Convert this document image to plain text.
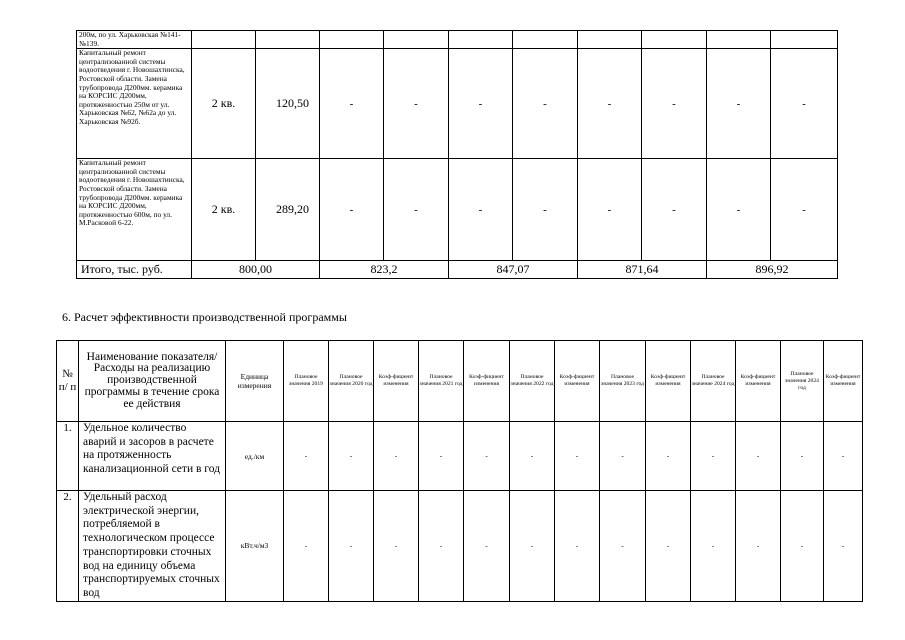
200м, по ул. Харьковская №141-№139.										
Капитальный ремонт централизованной системы водоотведения г. Новошахтинска, Ростовской области. Замена трубопровода Д200мм. керамика на КОРСИС Д200мм, протяженностью 250м от ул. Харьковская №62, №62а до ул. Харьковская №92б.	2 кв.	120,50	-	-	-	-	-	-	-	-
Капитальный ремонт централизованной системы водоотведения г. Новошахтинска, Ростовской области. Замена трубопровода Д200мм. керамика на КОРСИС Д200мм, протяженностью 600м, по ул. М.Расковой 6-22.	2 кв.	289,20	-	-	-	-	-	-	-	-
Итого, тыс. руб.	800,00		823,2		847,07		871,64		896,92	
6. Расчет эффективности производственной программы
№ п/ п	Наименование показателя/Расходы на реализацию производственной программы в течение срока ее действия	Единица измерения	Плановое значения 2019	Плановое значения 2020 год	Коэф-фициент изменения	Плановое значения 2021 год	Коэф-фициент изменения	Плановое значения 2022 год	Коэф-фициент изменения	Плановое значения 2023 год	Коэф-фициент изменения	Плановое значение 2024 год	Коэф-фициент изменения	Плановое значения 2024 год	Коэф-фициент изменения
1.	Удельное количество аварий и засоров в расчете на протяженность канализационной сети в год	ед./км	-	-	-	-	-	-	-	-	-	-	-	-	-
2.	Удельный расход электрической энергии, потребляемой в технологическом процессе транспортировки сточных вод на единицу объема транспортируемых сточных вод	кВт.ч/м3	-	-	-	-	-	-	-	-	-	-	-	-	-
